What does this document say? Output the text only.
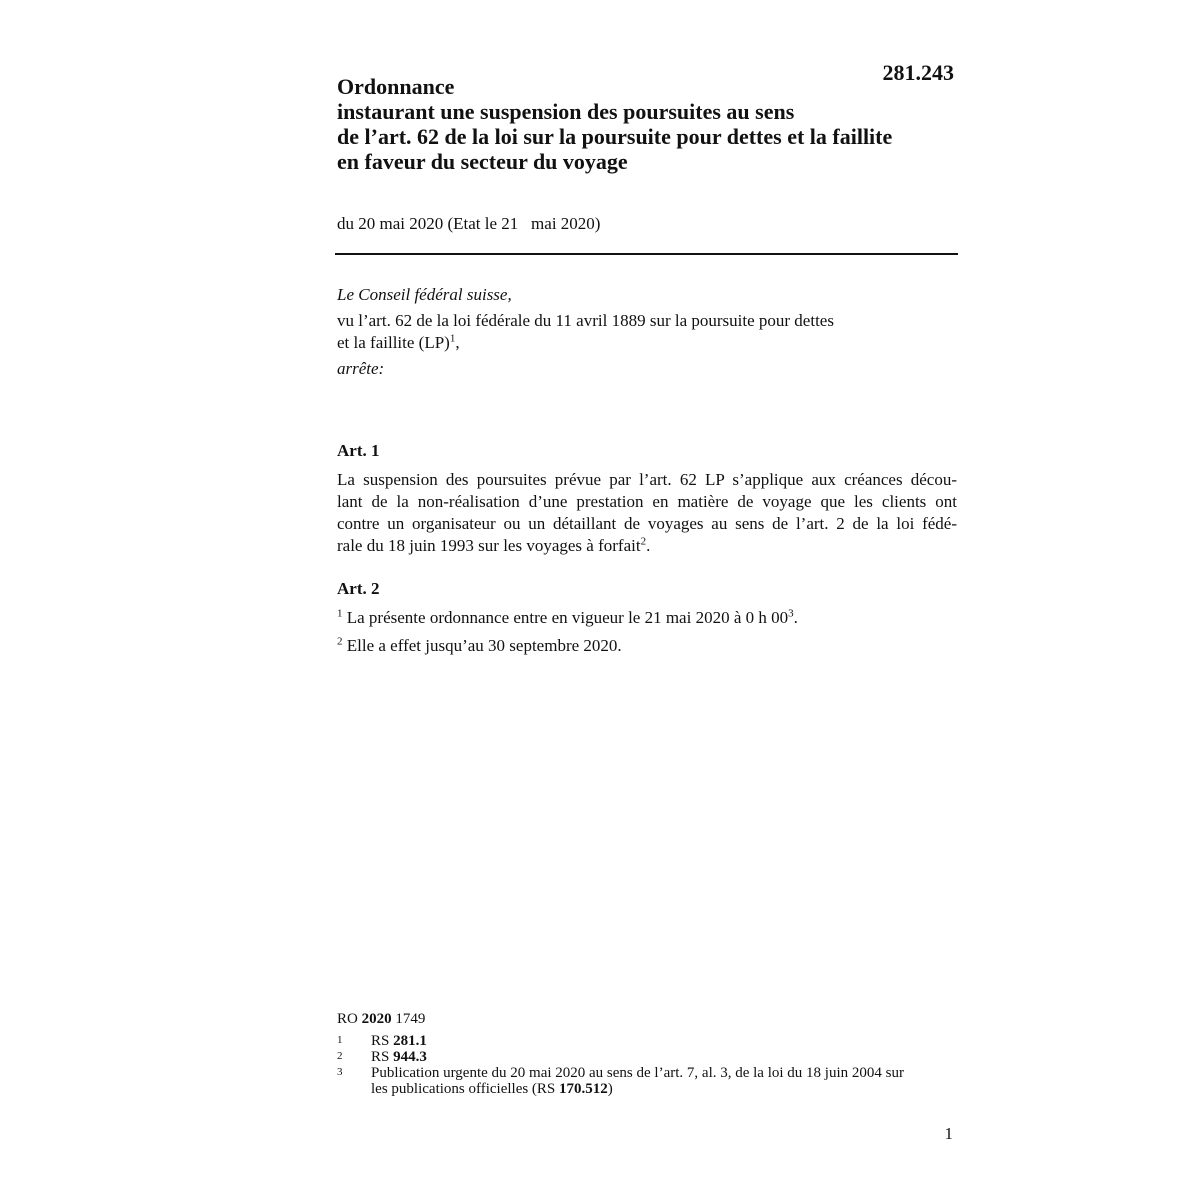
281.243
Ordonnance
instaurant une suspension des poursuites au sens
de l’art. 62 de la loi sur la poursuite pour dettes et la faillite
en faveur du secteur du voyage
du 20 mai 2020 (Etat le 21   mai 2020)
Le Conseil fédéral suisse,
vu l’art. 62 de la loi fédérale du 11 avril 1889 sur la poursuite pour dettes
et la faillite (LP)$^1$,
arrête:
Art. 1
La suspension des poursuites prévue par l’art. 62 LP s’applique aux créances décou-
lant de la non-réalisation d’une prestation en matière de voyage que les clients ont
contre un organisateur ou un détaillant de voyages au sens de l’art. 2 de la loi fédé-
rale du 18 juin 1993 sur les voyages à forfait$^2$.
Art. 2
$^1$ La présente ordonnance entre en vigueur le 21 mai 2020 à 0 h $00^3$.
$^2$ Elle a effet jusqu’au 30 septembre 2020.
RO 2020 1749
1	RS 281.1
2	RS 944.3
3	Publication urgente du 20 mai 2020 au sens de l’art. 7, al. 3, de la loi du 18 juin 2004 sur
les publications officielles (RS 170.512)
1
